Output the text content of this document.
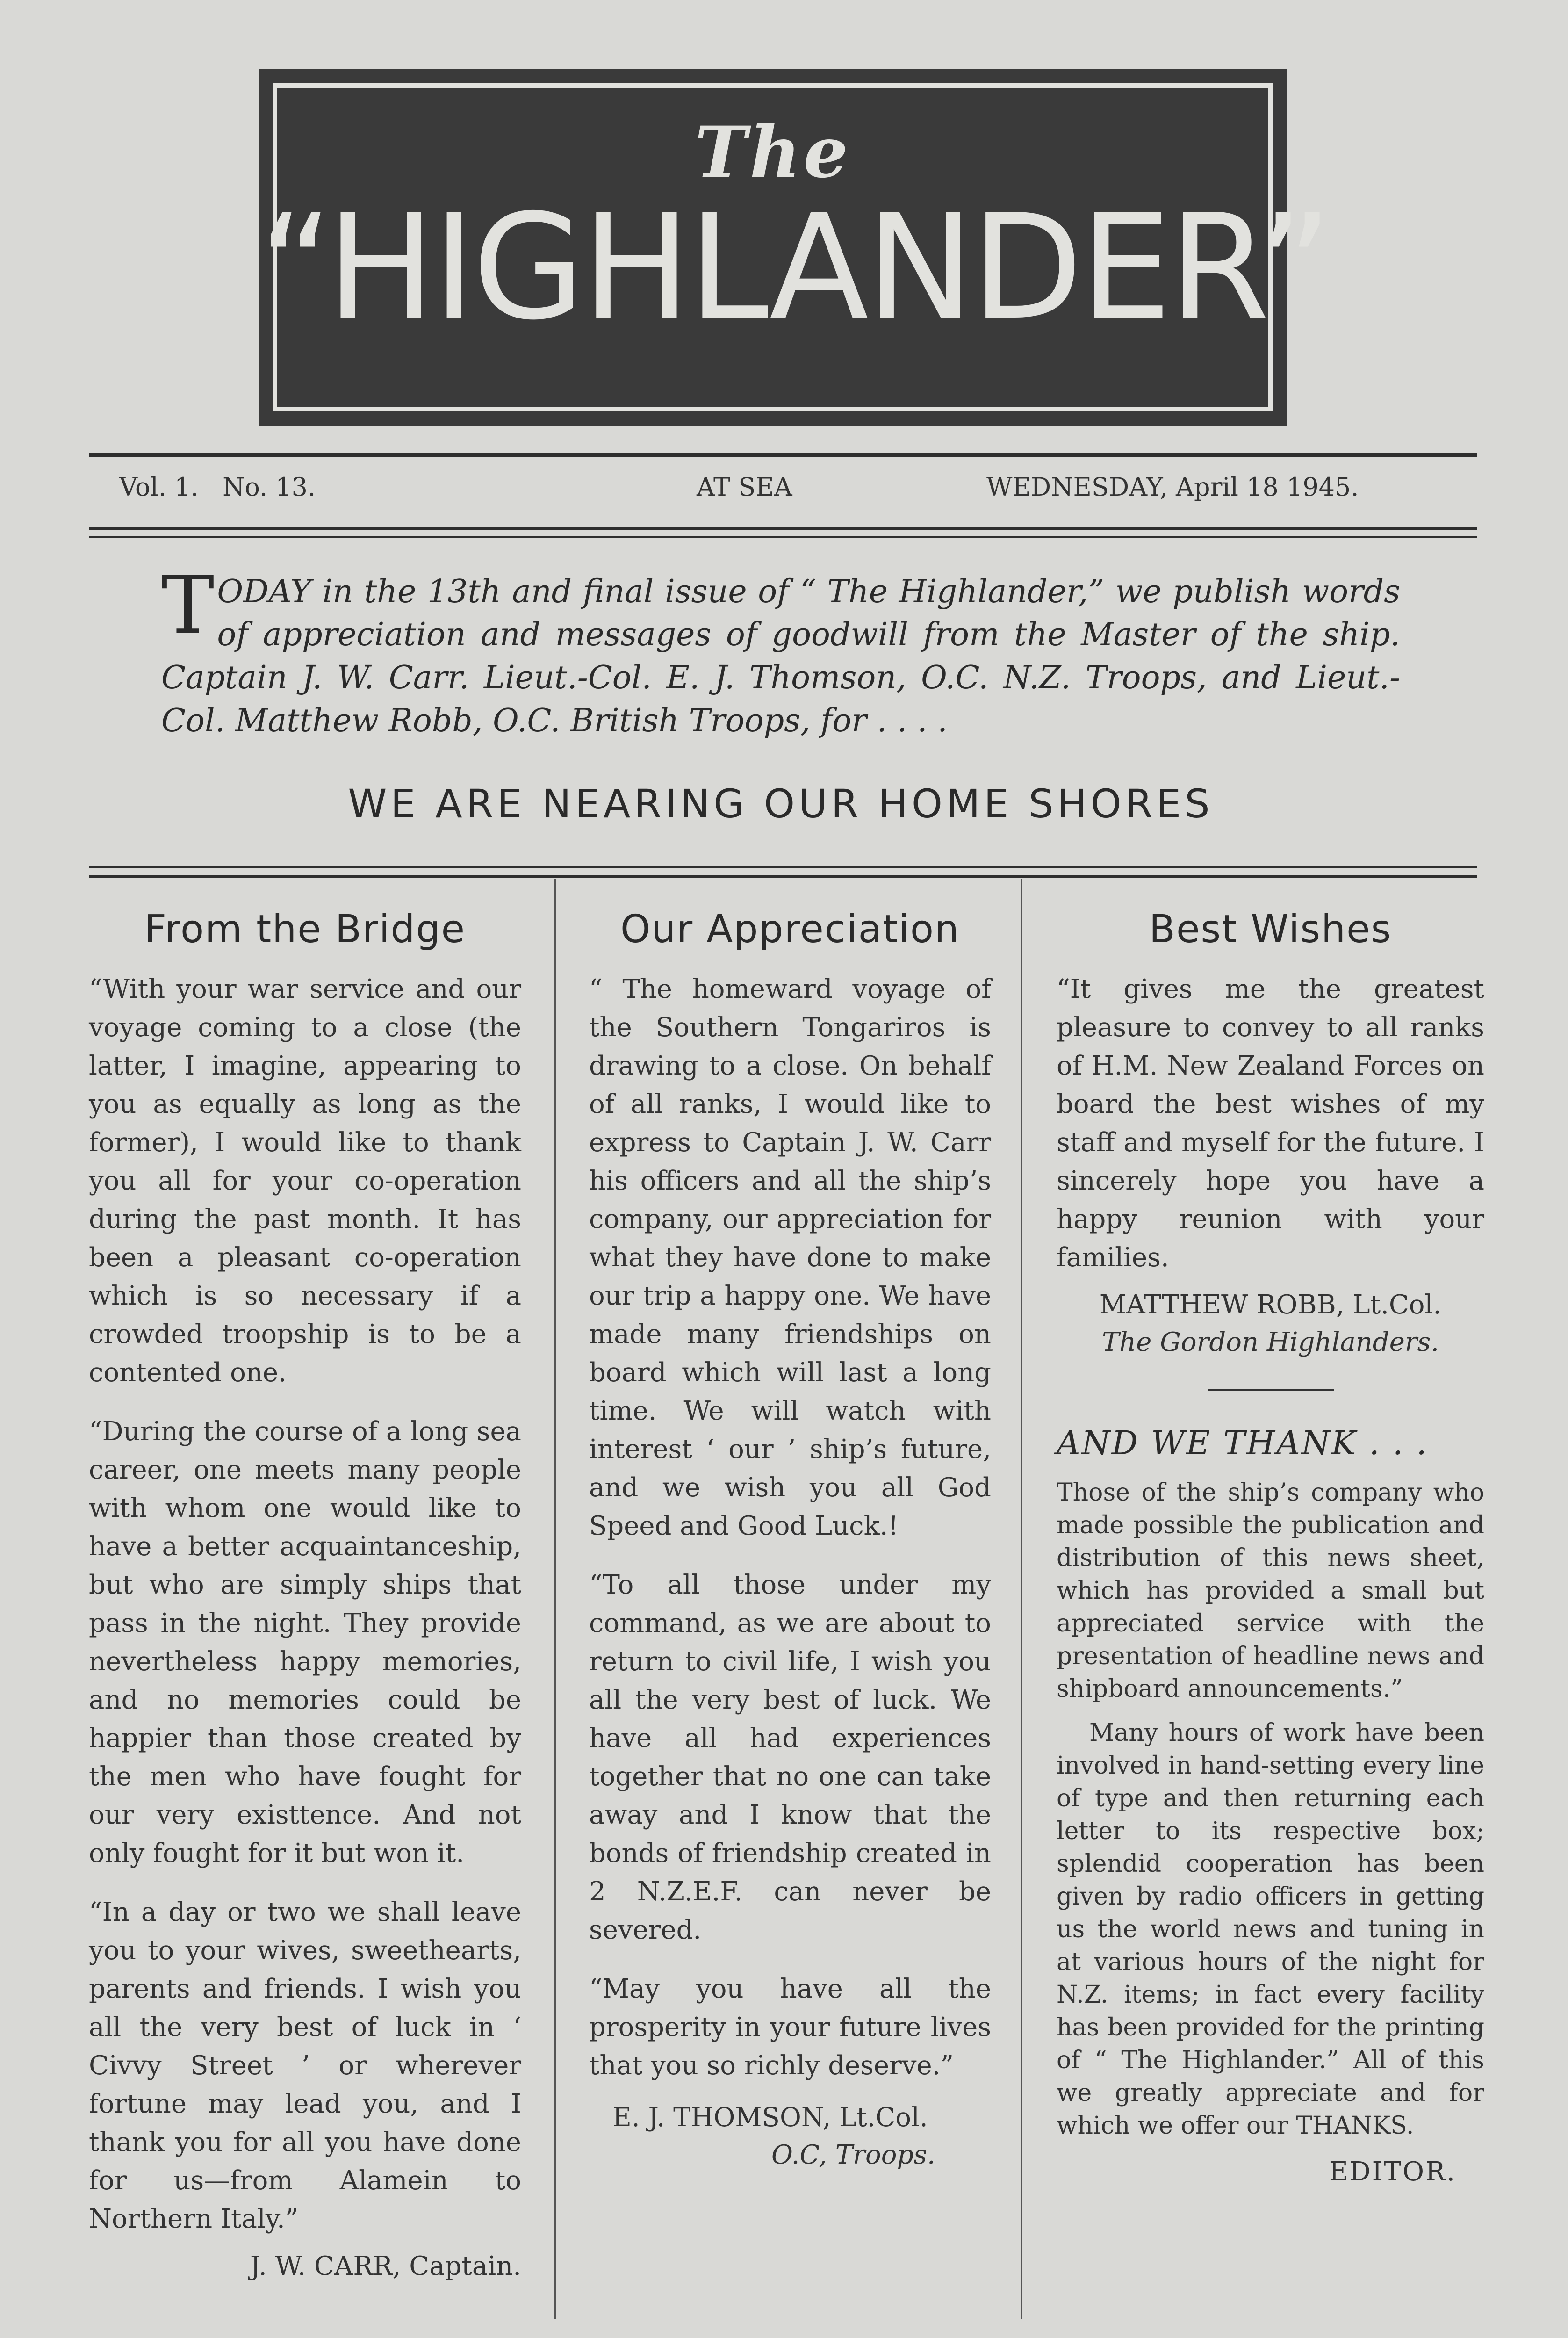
The
“HIGHLANDER”
Vol. 1.   No. 13.	AT SEA	WEDNESDAY, April 18 1945.
TODAY in the 13th and final issue of “ The Highlander,” we publish words of appreciation and messages of goodwill from the Master of the ship. Captain J. W. Carr. Lieut.-Col. E. J. Thomson, O.C. N.Z. Troops, and Lieut.-Col. Matthew Robb, O.C. British Troops, for . . . .
WE ARE NEARING OUR HOME SHORES
From the Bridge

“With your war service and our voyage coming to a close (the latter, I imagine, appearing to you as equally as long as the former), I would like to thank you all for your co-operation during the past month. It has been a pleasant co-operation which is so necessary if a crowded troopship is to be a contented one.

“During the course of a long sea career, one meets many people with whom one would like to have a better acquaintanceship, but who are simply ships that pass in the night. They provide nevertheless happy memories, and no memories could be happier than those created by the men who have fought for our very existtence. And not only fought for it but won it.

“In a day or two we shall leave you to your wives, sweethearts, parents and friends. I wish you all the very best of luck in ‘ Civvy Street ’ or wherever fortune may lead you, and I thank you for all you have done for us—from Alamein to Northern Italy.”

J. W. CARR, Captain.
Our Appreciation

“ The homeward voyage of the Southern Tongariros is drawing to a close. On behalf of all ranks, I would like to express to Captain J. W. Carr his officers and all the ship’s company, our appreciation for what they have done to make our trip a happy one. We have made many friendships on board which will last a long time. We will watch with interest ‘ our ’ ship’s future, and we wish you all God Speed and Good Luck.!

“To all those under my command, as we are about to return to civil life, I wish you all the very best of luck. We have all had experiences together that no one can take away and I know that the bonds of friendship created in 2 N.Z.E.F. can never be severed.

“May you have all the prosperity in your future lives that you so richly deserve.”

E. J. THOMSON, Lt.Col.
O.C, Troops.
Best Wishes

“It gives me the greatest pleasure to convey to all ranks of H.M. New Zealand Forces on board the best wishes of my staff and myself for the future. I sincerely hope you have a happy reunion with your families.

MATTHEW ROBB, Lt.Col.
The Gordon Highlanders.
AND WE THANK . . .

Those of the ship’s company who made possible the publication and distribution of this news sheet, which has provided a small but appreciated service with the presentation of headline news and shipboard announcements.”

Many hours of work have been involved in hand-setting every line of type and then returning each letter to its respective box; splendid cooperation has been given by radio officers in getting us the world news and tuning in at various hours of the night for N.Z. items; in fact every facility has been provided for the printing of “ The Highlander.” All of this we greatly appreciate and for which we offer our THANKS.

EDITOR.
